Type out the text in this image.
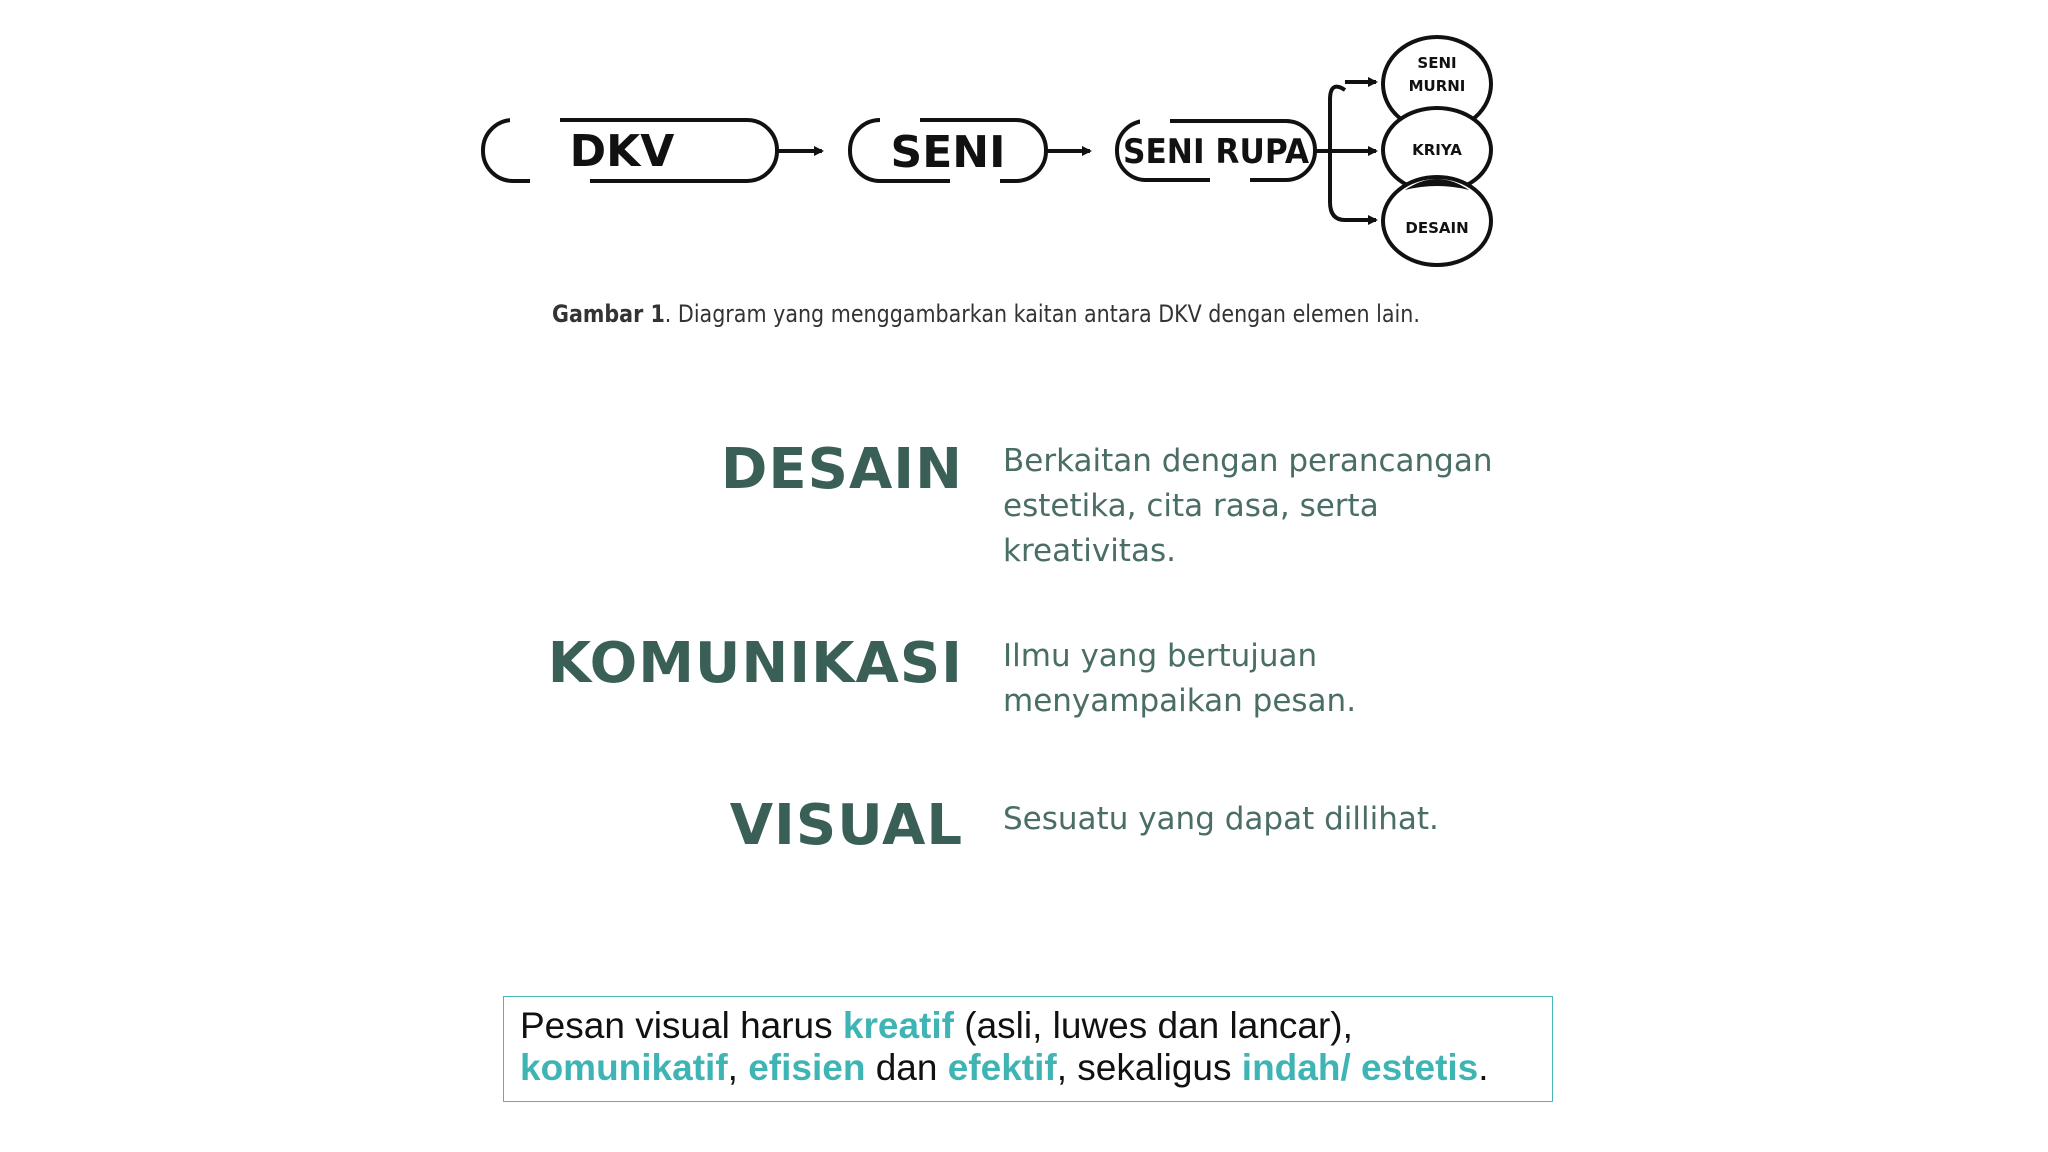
DKV	SENI	SENI RUPA
SENI
MURNI
KRIYA
DESAIN
Gambar 1. Diagram yang menggambarkan kaitan antara DKV dengan elemen lain.
DESAIN Berkaitan dengan perancangan estetika, cita rasa, serta kreativitas.
KOMUNIKASI Ilmu yang bertujuan menyampaikan pesan.
VISUAL Sesuatu yang dapat dillihat.
Pesan visual harus kreatif (asli, luwes dan lancar),
komunikatif, efisien dan efektif, sekaligus indah/ estetis.
